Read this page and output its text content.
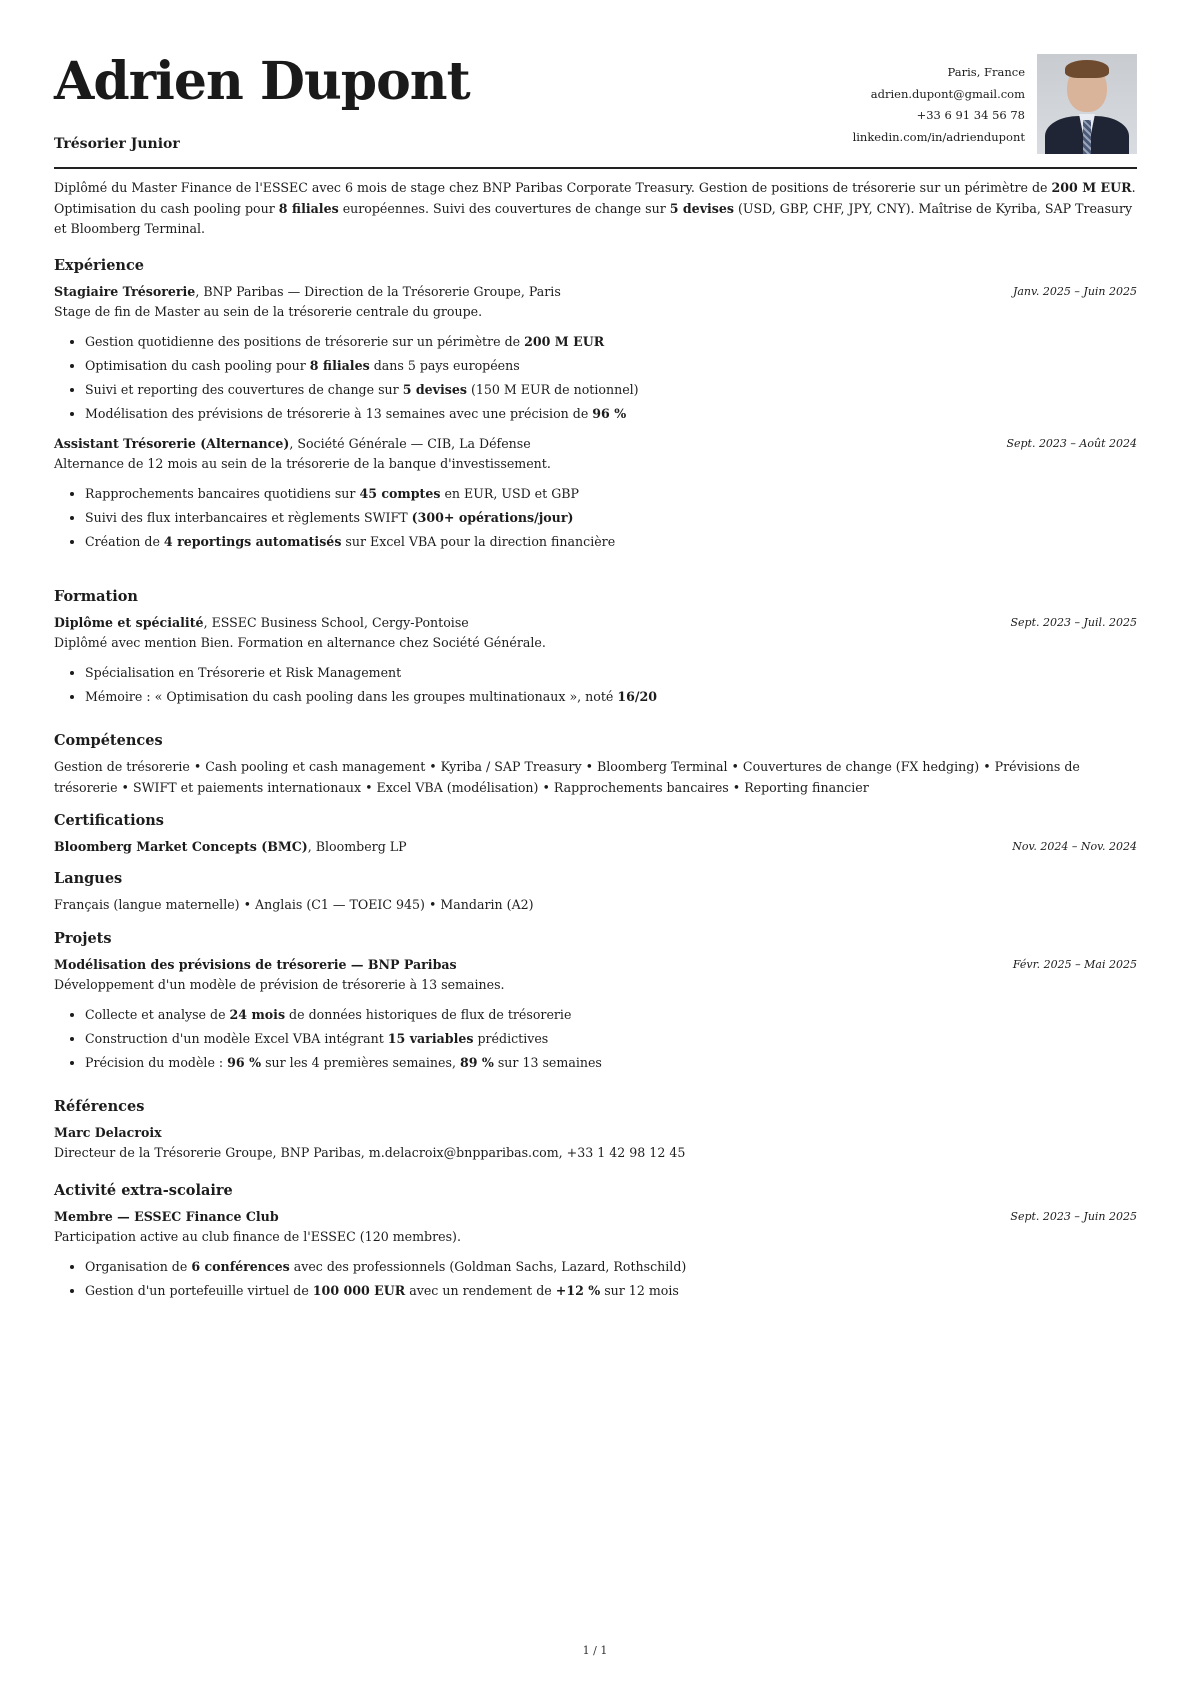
Adrien Dupont
Trésorier Junior
Paris, France
adrien.dupont@gmail.com
+33 6 91 34 56 78
linkedin.com/in/adriendupont
Diplômé du Master Finance de l'ESSEC avec 6 mois de stage chez BNP Paribas Corporate Treasury. Gestion de positions de trésorerie sur un périmètre de 200 M EUR. Optimisation du cash pooling pour 8 filiales européennes. Suivi des couvertures de change sur 5 devises (USD, GBP, CHF, JPY, CNY). Maîtrise de Kyriba, SAP Treasury et Bloomberg Terminal.
Expérience
Stagiaire Trésorerie, BNP Paribas — Direction de la Trésorerie Groupe, Paris	Janv. 2025 – Juin 2025
Stage de fin de Master au sein de la trésorerie centrale du groupe.
• Gestion quotidienne des positions de trésorerie sur un périmètre de 200 M EUR
• Optimisation du cash pooling pour 8 filiales dans 5 pays européens
• Suivi et reporting des couvertures de change sur 5 devises (150 M EUR de notionnel)
• Modélisation des prévisions de trésorerie à 13 semaines avec une précision de 96 %
Assistant Trésorerie (Alternance), Société Générale — CIB, La Défense	Sept. 2023 – Août 2024
Alternance de 12 mois au sein de la trésorerie de la banque d'investissement.
• Rapprochements bancaires quotidiens sur 45 comptes en EUR, USD et GBP
• Suivi des flux interbancaires et règlements SWIFT (300+ opérations/jour)
• Création de 4 reportings automatisés sur Excel VBA pour la direction financière
Formation
Diplôme et spécialité, ESSEC Business School, Cergy-Pontoise	Sept. 2023 – Juil. 2025
Diplômé avec mention Bien. Formation en alternance chez Société Générale.
• Spécialisation en Trésorerie et Risk Management
• Mémoire : « Optimisation du cash pooling dans les groupes multinationaux », noté 16/20
Compétences
Gestion de trésorerie • Cash pooling et cash management • Kyriba / SAP Treasury • Bloomberg Terminal • Couvertures de change (FX hedging) • Prévisions de trésorerie • SWIFT et paiements internationaux • Excel VBA (modélisation) • Rapprochements bancaires • Reporting financier
Certifications
Bloomberg Market Concepts (BMC), Bloomberg LP	Nov. 2024 – Nov. 2024
Langues
Français (langue maternelle) • Anglais (C1 — TOEIC 945) • Mandarin (A2)
Projets
Modélisation des prévisions de trésorerie — BNP Paribas	Févr. 2025 – Mai 2025
Développement d'un modèle de prévision de trésorerie à 13 semaines.
• Collecte et analyse de 24 mois de données historiques de flux de trésorerie
• Construction d'un modèle Excel VBA intégrant 15 variables prédictives
• Précision du modèle : 96 % sur les 4 premières semaines, 89 % sur 13 semaines
Références
Marc Delacroix
Directeur de la Trésorerie Groupe, BNP Paribas, m.delacroix@bnpparibas.com, +33 1 42 98 12 45
Activité extra-scolaire
Membre — ESSEC Finance Club	Sept. 2023 – Juin 2025
Participation active au club finance de l'ESSEC (120 membres).
• Organisation de 6 conférences avec des professionnels (Goldman Sachs, Lazard, Rothschild)
• Gestion d'un portefeuille virtuel de 100 000 EUR avec un rendement de +12 % sur 12 mois
1 / 1
